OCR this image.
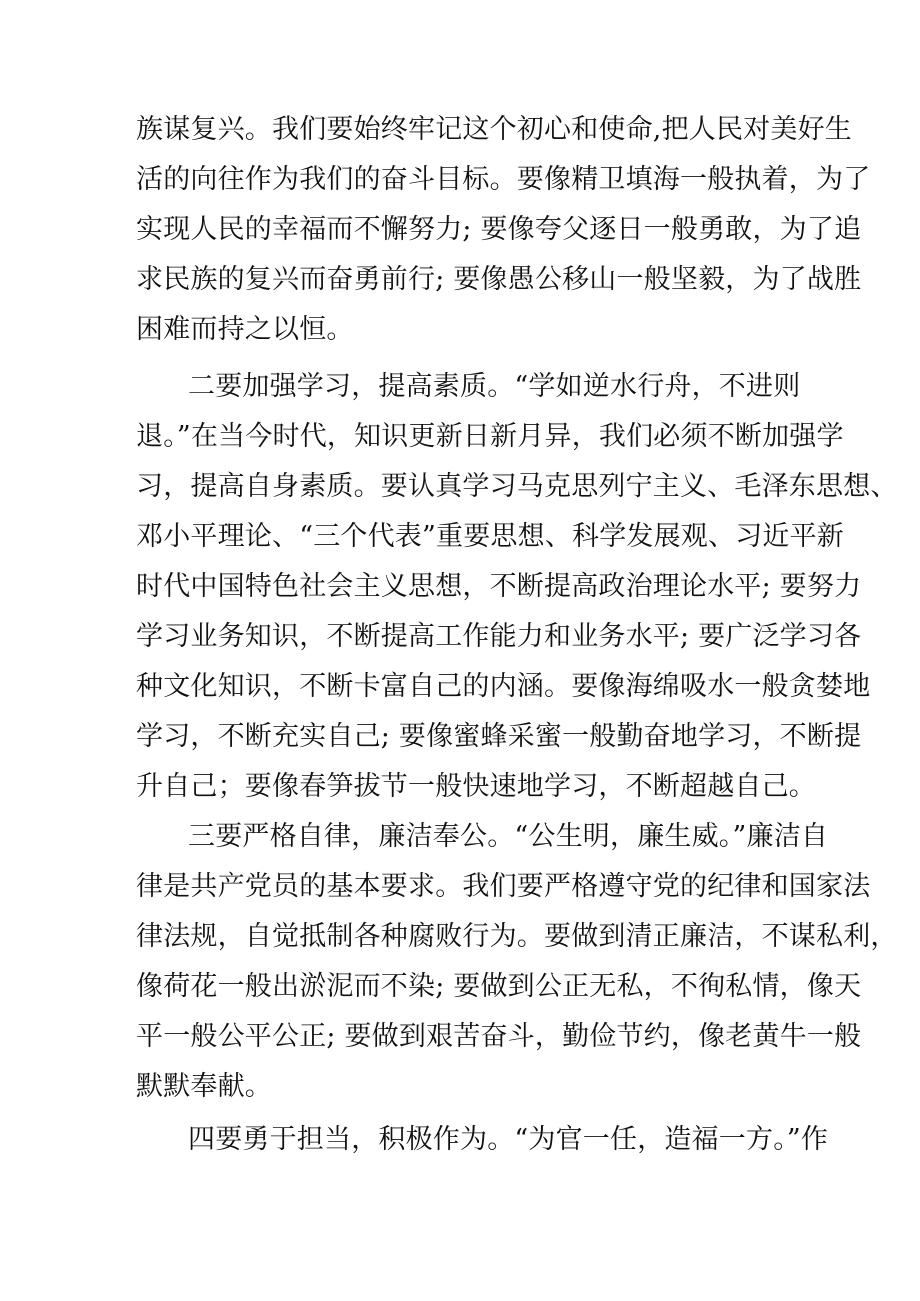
族谋复兴。我们要始终牢记这个初心和使命,把人民对美好生
活的向往作为我们的奋斗目标。要像精卫填海一般执着，为了
实现人民的幸福而不懈努力; 要像夸父逐日一般勇敢，为了追
求民族的复兴而奋勇前行; 要像愚公移山一般坚毅，为了战胜
困难而持之以恒。
二要加强学习，提高素质。“学如逆水行舟，不进则
退。”在当今时代，知识更新日新月异，我们必须不断加强学
习，提高自身素质。要认真学习马克思列宁主义、毛泽东思想、
邓小平理论、“三个代表”重要思想、科学发展观、习近平新
时代中国特色社会主义思想，不断提高政治理论水平; 要努力
学习业务知识，不断提高工作能力和业务水平; 要广泛学习各
种文化知识，不断卡富自己的内涵。要像海绵吸水一般贪婪地
学习，不断充实自己; 要像蜜蜂采蜜一般勤奋地学习，不断提
升自己；要像春笋拔节一般快速地学习，不断超越自己。
三要严格自律，廉洁奉公。“公生明，廉生威。”廉洁自
律是共产党员的基本要求。我们要严格遵守党的纪律和国家法
律法规，自觉抵制各种腐败行为。要做到清正廉洁，不谋私利，
像荷花一般出淤泥而不染; 要做到公正无私，不徇私情，像天
平一般公平公正; 要做到艰苦奋斗，勤俭节约，像老黄牛一般
默默奉献。
四要勇于担当，积极作为。“为官一任，造福一方。”作
